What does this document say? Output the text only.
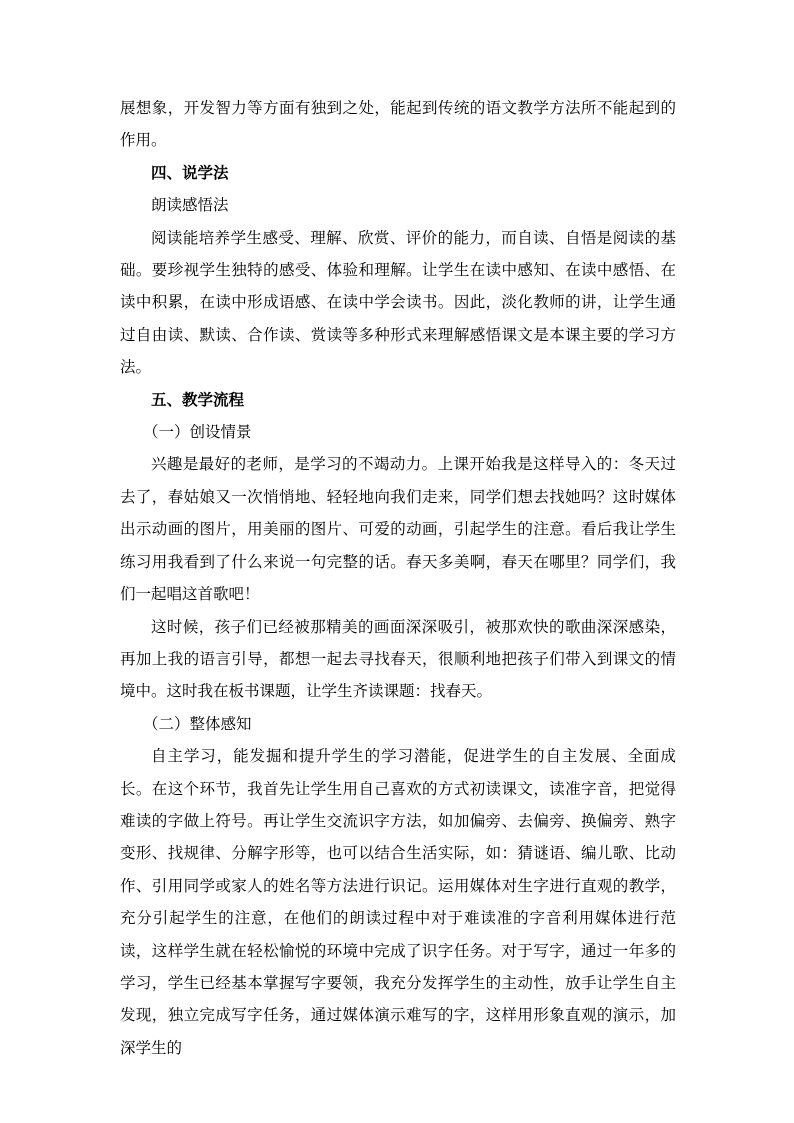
展想象，开发智力等方面有独到之处，能起到传统的语文教学方法所不能起到的作用。

四、说学法

朗读感悟法

阅读能培养学生感受、理解、欣赏、评价的能力，而自读、自悟是阅读的基础。要珍视学生独特的感受、体验和理解。让学生在读中感知、在读中感悟、在读中积累，在读中形成语感、在读中学会读书。因此，淡化教师的讲，让学生通过自由读、默读、合作读、赏读等多种形式来理解感悟课文是本课主要的学习方法。

五、教学流程

（一）创设情景

兴趣是最好的老师，是学习的不竭动力。上课开始我是这样导入的：冬天过去了，春姑娘又一次悄悄地、轻轻地向我们走来，同学们想去找她吗？这时媒体出示动画的图片，用美丽的图片、可爱的动画，引起学生的注意。看后我让学生练习用我看到了什么来说一句完整的话。春天多美啊，春天在哪里？同学们，我们一起唱这首歌吧！

这时候，孩子们已经被那精美的画面深深吸引，被那欢快的歌曲深深感染，再加上我的语言引导，都想一起去寻找春天，很顺利地把孩子们带入到课文的情境中。这时我在板书课题，让学生齐读课题：找春天。

（二）整体感知

自主学习，能发掘和提升学生的学习潜能，促进学生的自主发展、全面成长。在这个环节，我首先让学生用自己喜欢的方式初读课文，读准字音，把觉得难读的字做上符号。再让学生交流识字方法，如加偏旁、去偏旁、换偏旁、熟字变形、找规律、分解字形等，也可以结合生活实际，如：猜谜语、编儿歌、比动作、引用同学或家人的姓名等方法进行识记。运用媒体对生字进行直观的教学，充分引起学生的注意，在他们的朗读过程中对于难读准的字音利用媒体进行范读，这样学生就在轻松愉悦的环境中完成了识字任务。对于写字，通过一年多的学习，学生已经基本掌握写字要领，我充分发挥学生的主动性，放手让学生自主发现，独立完成写字任务，通过媒体演示难写的字，这样用形象直观的演示，加深学生的
